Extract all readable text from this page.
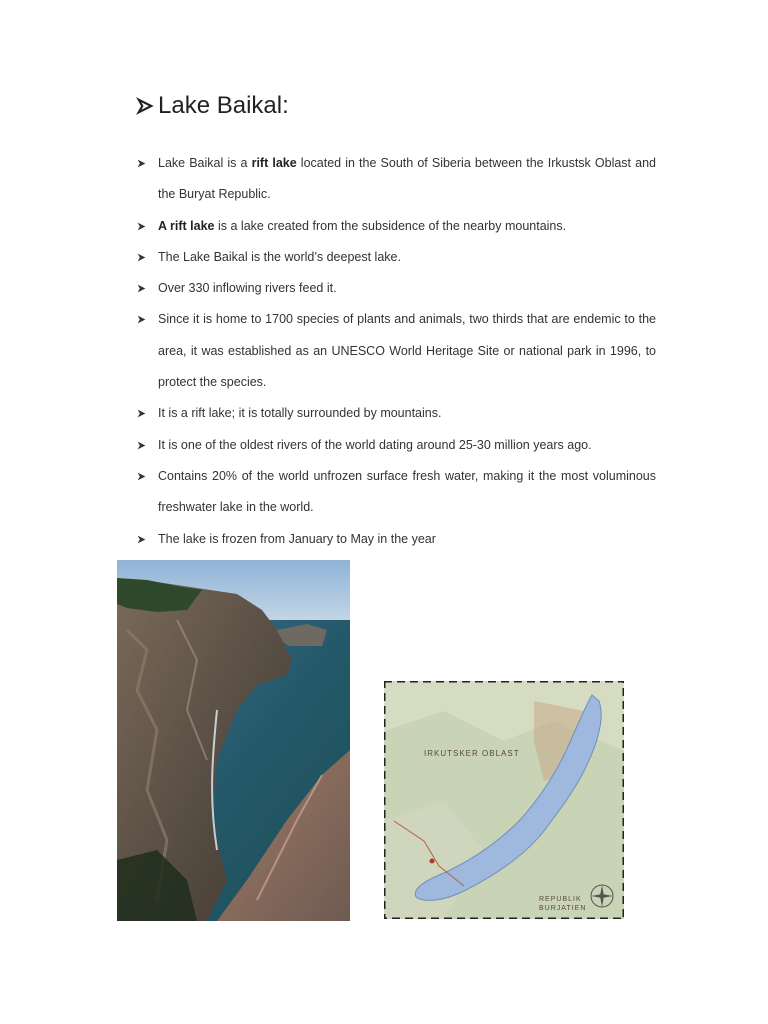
Lake Baikal:
Lake Baikal is a rift lake located in the South of Siberia between the Irkustsk Oblast and the Buryat Republic.
A rift lake is a lake created from the subsidence of the nearby mountains.
The Lake Baikal is the world’s deepest lake.
Over 330 inflowing rivers feed it.
Since it is home to 1700 species of plants and animals, two thirds that are endemic to the area, it was established as an UNESCO World Heritage Site or national park in 1996, to protect the species.
It is a rift lake; it is totally surrounded by mountains.
It is one of the oldest rivers of the world dating around 25-30 million years ago.
Contains 20% of the world unfrozen surface fresh water, making it the most voluminous freshwater lake in the world.
The lake is frozen from January to May in the year
IRKUTSKER OBLAST
REPUBLIK
BURJATIEN
